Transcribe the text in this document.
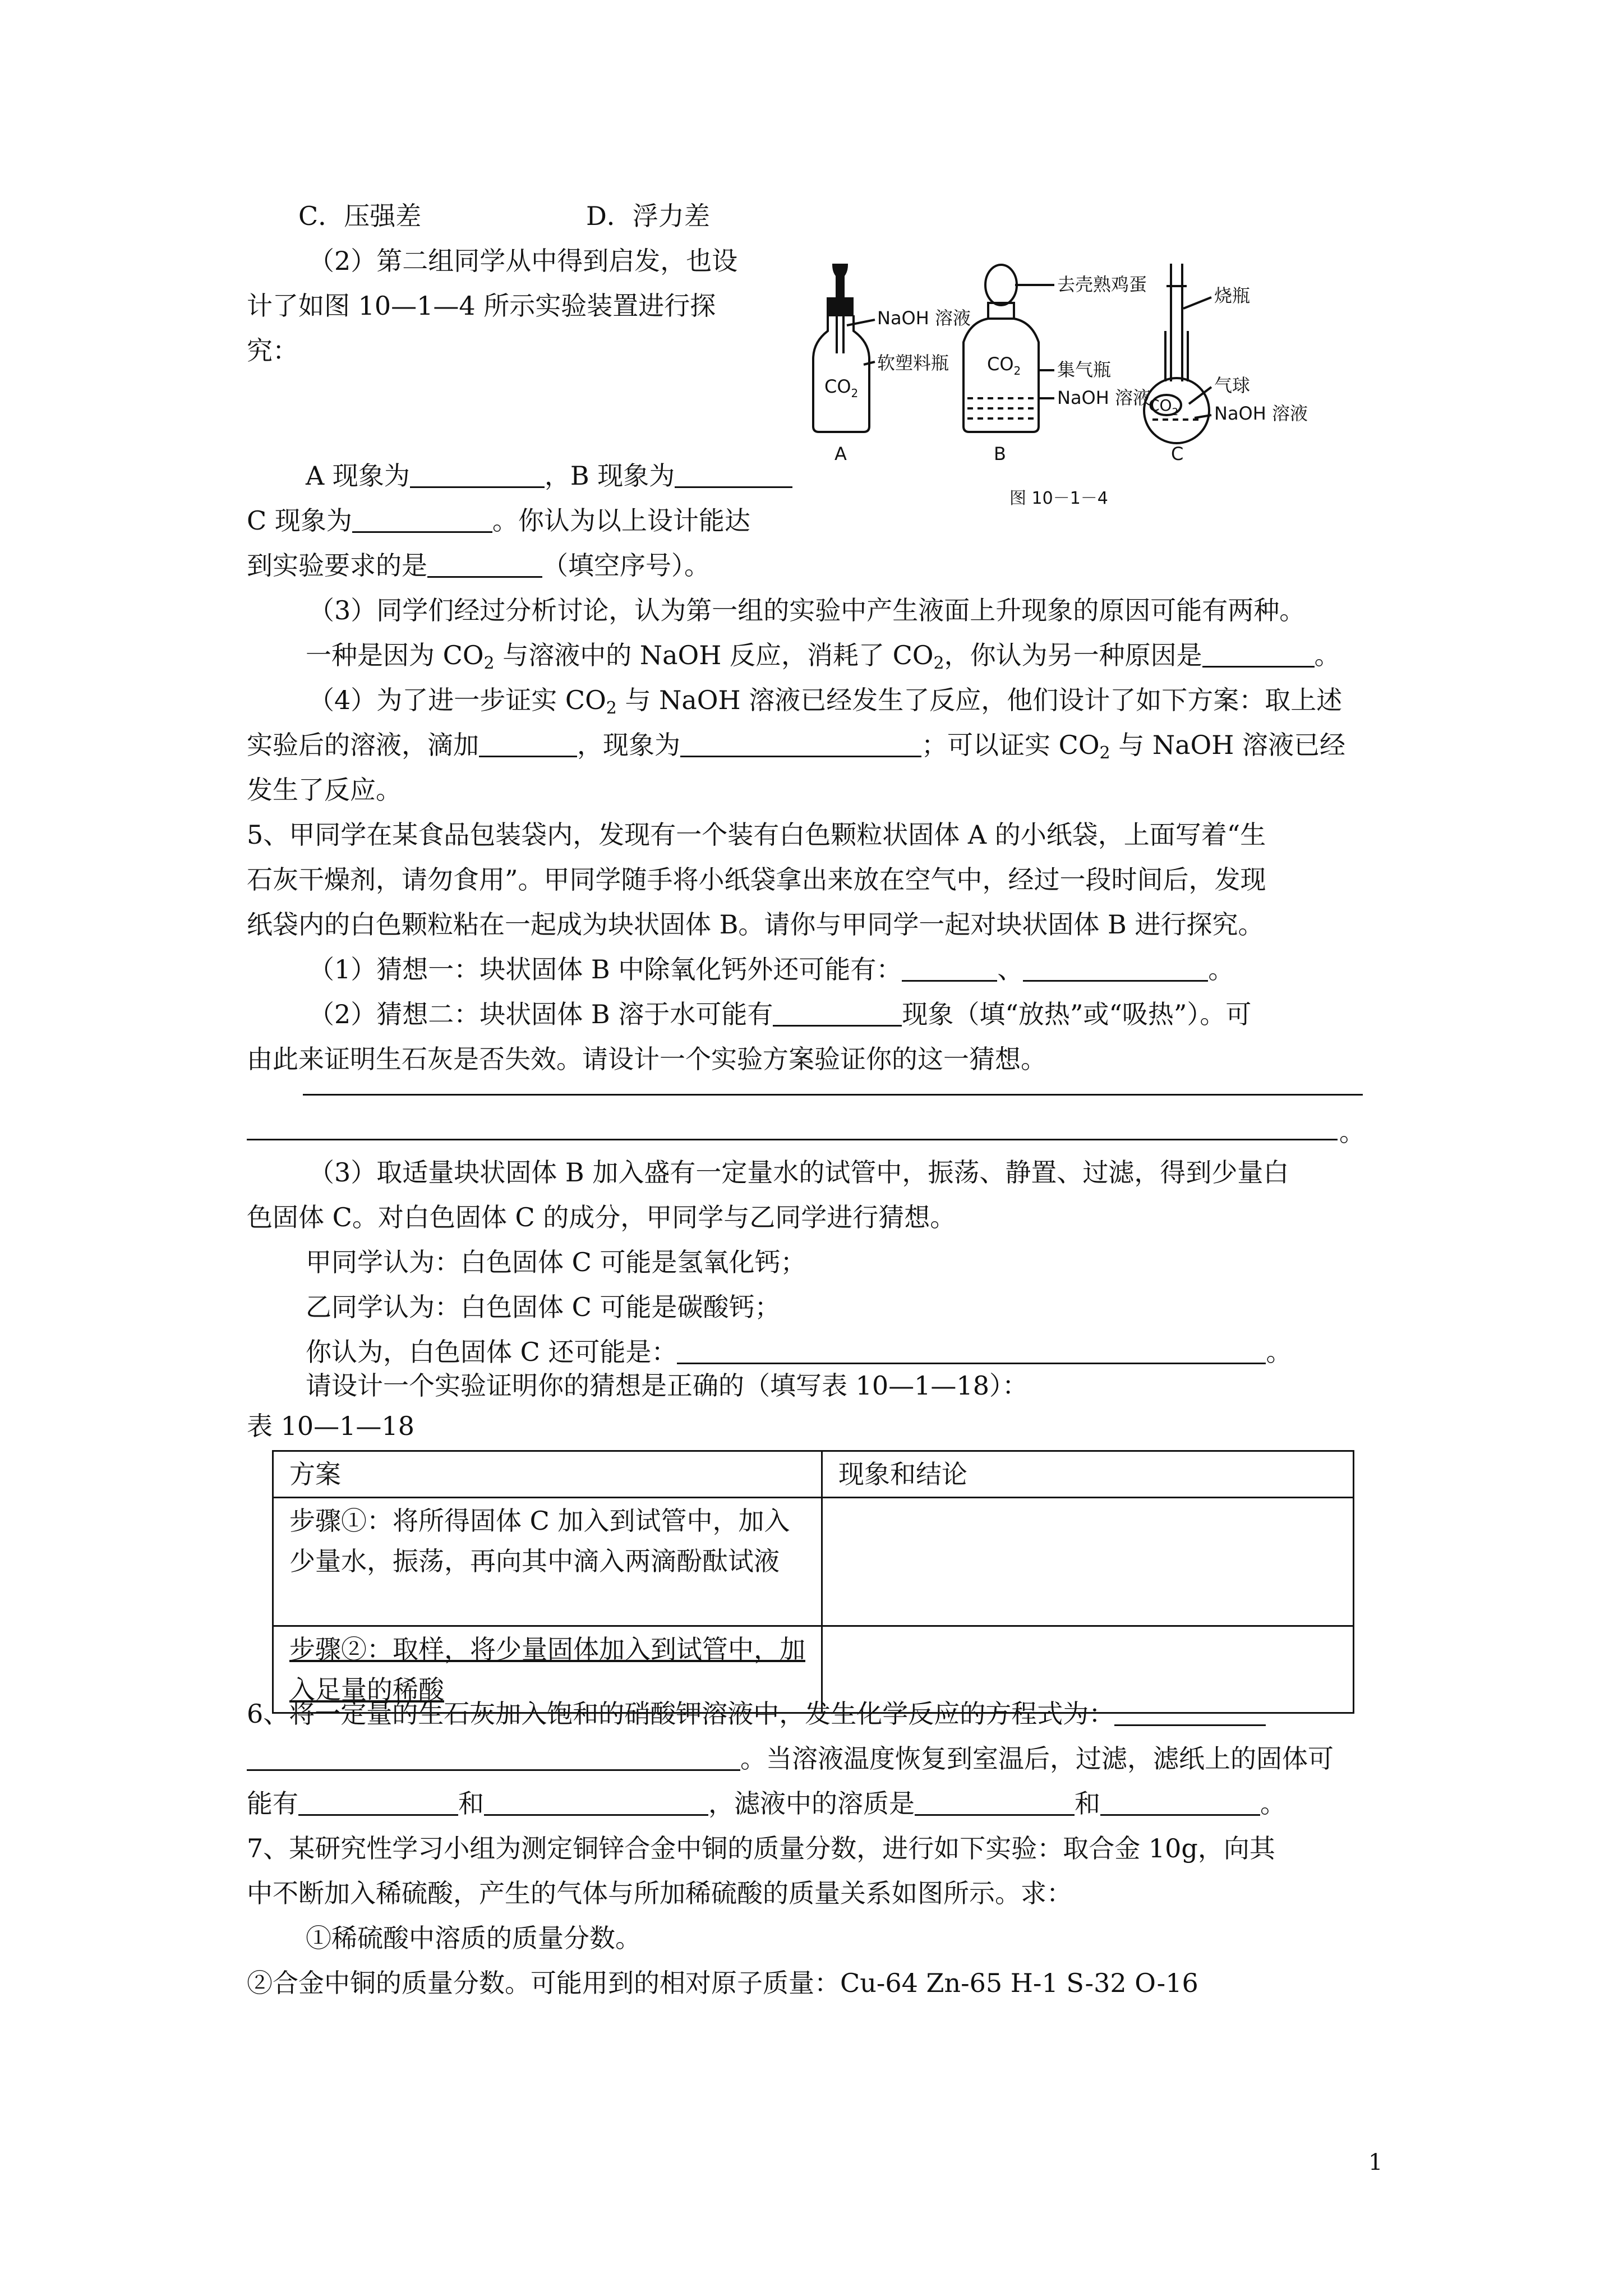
C．压强差	D．浮力差
（2）第二组同学从中得到启发，也设
计了如图 10—1—4 所示实验装置进行探
究：
A 现象为	，B 现象为
C 现象为	。你认为以上设计能达
到实验要求的是	（填空序号）。
（3）同学们经过分析讨论，认为第一组的实验中产生液面上升现象的原因可能有两种。
一种是因为 CO2 与溶液中的 NaOH 反应，消耗了 CO2，你认为另一种原因是	。
（4）为了进一步证实 CO2 与 NaOH 溶液已经发生了反应，他们设计了如下方案：取上述
实验后的溶液，滴加	，现象为	；可以证实 CO2 与 NaOH 溶液已经
发生了反应。
5、甲同学在某食品包装袋内，发现有一个装有白色颗粒状固体 A 的小纸袋，上面写着“生
石灰干燥剂，请勿食用”。甲同学随手将小纸袋拿出来放在空气中，经过一段时间后，发现
纸袋内的白色颗粒粘在一起成为块状固体 B。请你与甲同学一起对块状固体 B 进行探究。
（1）猜想一：块状固体 B 中除氧化钙外还可能有：	、	。
（2）猜想二：块状固体 B 溶于水可能有	现象（填“放热”或“吸热”）。可
由此来证明生石灰是否失效。请设计一个实验方案验证你的这一猜想。
。
（3）取适量块状固体 B 加入盛有一定量水的试管中，振荡、静置、过滤，得到少量白
色固体 C。对白色固体 C 的成分，甲同学与乙同学进行猜想。
甲同学认为：白色固体 C 可能是氢氧化钙；
乙同学认为：白色固体 C 可能是碳酸钙；
你认为，白色固体 C 还可能是：	。
请设计一个实验证明你的猜想是正确的（填写表 10—1—18）：
表 10—1—18
方案	现象和结论
步骤①：将所得固体 C 加入到试管中，加入少量水，振荡，再向其中滴入两滴酚酞试液	
步骤②：取样，将少量固体加入到试管中，加入足量的稀酸	
6、将一定量的生石灰加入饱和的硝酸钾溶液中，发生化学反应的方程式为：
。当溶液温度恢复到室温后，过滤，滤纸上的固体可
能有	和	，滤液中的溶质是	和	。
7、某研究性学习小组为测定铜锌合金中铜的质量分数，进行如下实验：取合金 10g，向其
中不断加入稀硫酸，产生的气体与所加稀硫酸的质量关系如图所示。求：
①稀硫酸中溶质的质量分数。
②合金中铜的质量分数。可能用到的相对原子质量：Cu-64 Zn-65 H-1 S-32 O-16
1
NaOH 溶液
软塑料瓶
$CO_2$
A
去壳熟鸡蛋
集气瓶
NaOH 溶液
$CO_2$
B
烧瓶
气球
NaOH 溶液
$CO_2$
C
图 10－1－4
